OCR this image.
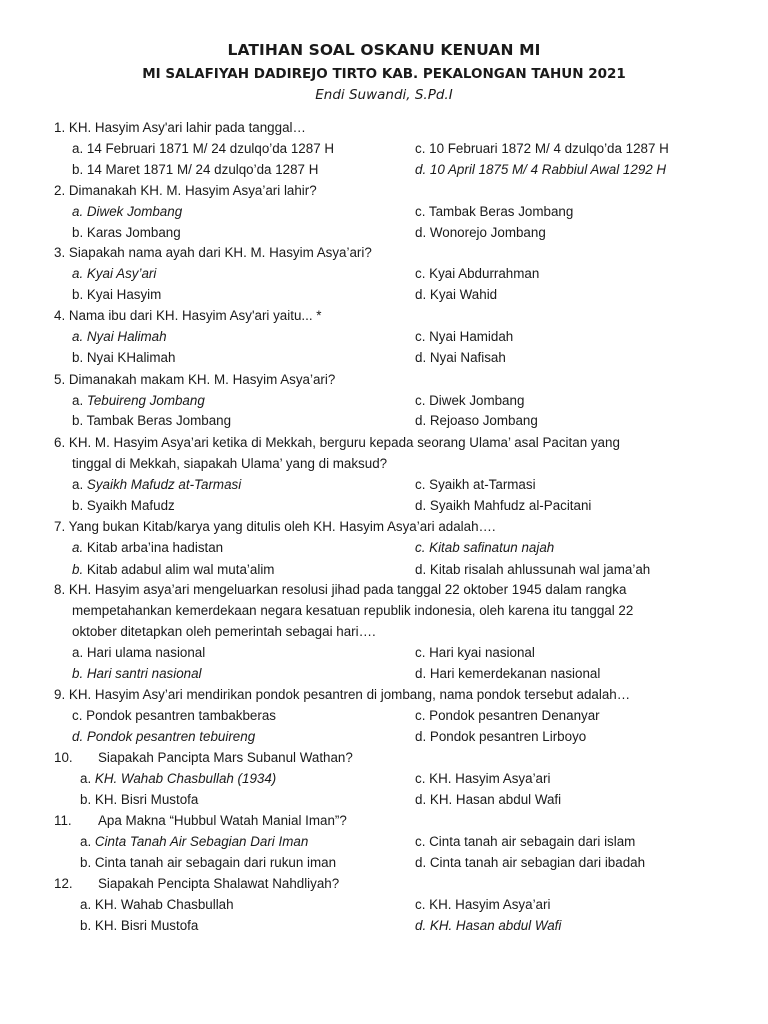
LATIHAN SOAL OSKANU KENUAN MI
MI SALAFIYAH DADIREJO TIRTO KAB. PEKALONGAN TAHUN 2021
Endi Suwandi, S.Pd.I
1. KH. Hasyim Asy'ari lahir pada tanggal…
a. 14 Februari 1871 M/ 24 dzulqo’da 1287 H	c. 10 Februari 1872 M/ 4 dzulqo’da 1287 H
b. 14 Maret 1871 M/ 24 dzulqo’da 1287 H	d. 10 April 1875 M/ 4 Rabbiul Awal 1292 H
2. Dimanakah KH. M. Hasyim Asya’ari lahir?
a. Diwek Jombang	c. Tambak Beras Jombang
b. Karas Jombang	d. Wonorejo Jombang
3. Siapakah nama ayah dari KH. M. Hasyim Asya’ari?
a. Kyai Asy’ari	c. Kyai Abdurrahman
b. Kyai Hasyim	d. Kyai Wahid
4. Nama ibu dari KH. Hasyim Asy'ari yaitu... *
a. Nyai Halimah	c. Nyai Hamidah
b. Nyai KHalimah	d. Nyai Nafisah
5. Dimanakah makam KH. M. Hasyim Asya’ari?
a. Tebuireng Jombang	c. Diwek Jombang
b. Tambak Beras Jombang	d. Rejoaso Jombang
6. KH. M. Hasyim Asya’ari ketika di Mekkah, berguru kepada seorang Ulama’ asal Pacitan yang
tinggal di Mekkah, siapakah Ulama’ yang di maksud?
a. Syaikh Mafudz at-Tarmasi	c. Syaikh at-Tarmasi
b. Syaikh Mafudz	d. Syaikh Mahfudz al-Pacitani
7. Yang bukan Kitab/karya yang ditulis oleh KH. Hasyim Asya’ari adalah….
a. Kitab arba’ina hadistan	c. Kitab safinatun najah
b. Kitab adabul alim wal muta’alim	d. Kitab risalah ahlussunah wal jama’ah
8. KH. Hasyim asya’ari mengeluarkan resolusi jihad pada tanggal 22 oktober 1945 dalam rangka
mempetahankan kemerdekaan negara kesatuan republik indonesia, oleh karena itu tanggal 22
oktober ditetapkan oleh pemerintah sebagai hari….
a. Hari ulama nasional	c. Hari kyai nasional
b. Hari santri nasional	d. Hari kemerdekanan nasional
9. KH. Hasyim Asy’ari mendirikan pondok pesantren di jombang, nama pondok tersebut adalah…
c. Pondok pesantren tambakberas	c. Pondok pesantren Denanyar
d. Pondok pesantren tebuireng	d. Pondok pesantren Lirboyo
10. Siapakah Pancipta Mars Subanul Wathan?
a. KH. Wahab Chasbullah (1934)	c. KH. Hasyim Asya’ari
b. KH. Bisri Mustofa	d. KH. Hasan abdul Wafi
11. Apa Makna “Hubbul Watah Manial Iman”?
a. Cinta Tanah Air Sebagian Dari Iman	c. Cinta tanah air sebagain dari islam
b. Cinta tanah air sebagain dari rukun iman	d. Cinta tanah air sebagian dari ibadah
12. Siapakah Pencipta Shalawat Nahdliyah?
a. KH. Wahab Chasbullah	c. KH. Hasyim Asya’ari
b. KH. Bisri Mustofa	d. KH. Hasan abdul Wafi
